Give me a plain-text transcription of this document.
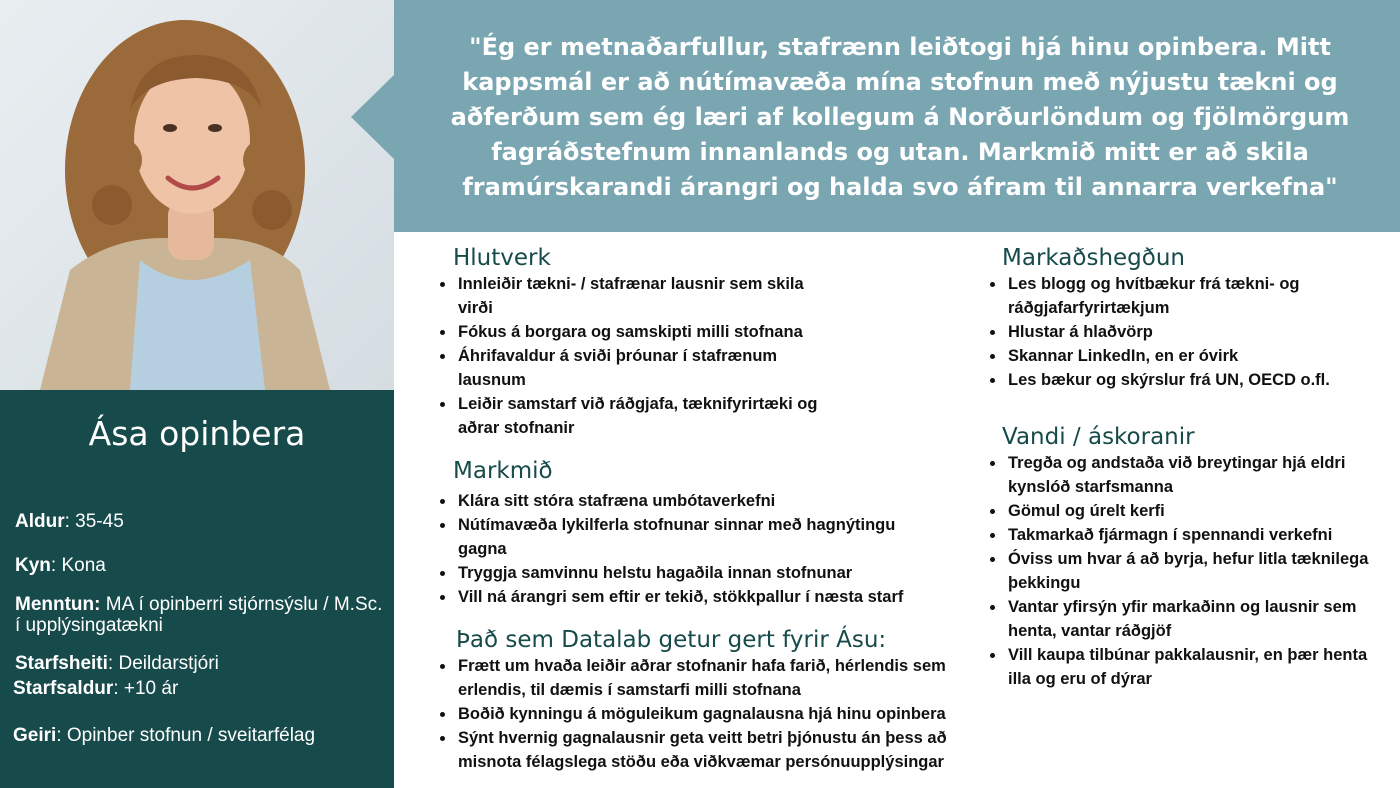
Ása opinbera
Aldur: 35-45
Kyn: Kona
Menntun: MA í opinberri stjórnsýslu / M.Sc. í upplýsingatækni
Starfsheiti: Deildarstjóri
Starfsaldur: +10 ár
Geiri: Opinber stofnun / sveitarfélag
"Ég er metnaðarfullur, stafrænn leiðtogi hjá hinu opinbera. Mitt kappsmál er að nútímavæða mína stofnun með nýjustu tækni og aðferðum sem ég læri af kollegum á Norðurlöndum og fjölmörgum fagráðstefnum innanlands og utan. Markmið mitt er að skila framúrskarandi árangri og halda svo áfram til annarra verkefna"
Hlutverk
• Innleiðir tækni- / stafrænar lausnir sem skila virði
• Fókus á borgara og samskipti milli stofnana
• Áhrifavaldur á sviði þróunar í stafrænum lausnum
• Leiðir samstarf við ráðgjafa, tæknifyrirtæki og aðrar stofnanir
Markmið
• Klára sitt stóra stafræna umbótaverkefni
• Nútímavæða lykilferla stofnunar sinnar með hagnýtingu gagna
• Tryggja samvinnu helstu hagaðila innan stofnunar
• Vill ná árangri sem eftir er tekið, stökkpallur í næsta starf
Það sem Datalab getur gert fyrir Ásu:
• Frætt um hvaða leiðir aðrar stofnanir hafa farið, hérlendis sem erlendis, til dæmis í samstarfi milli stofnana
• Boðið kynningu á möguleikum gagnalausna hjá hinu opinbera
• Sýnt hvernig gagnalausnir geta veitt betri þjónustu án þess að misnota félagslega stöðu eða viðkvæmar persónuupplýsingar
Markaðshegðun
• Les blogg og hvítbækur frá tækni- og ráðgjafarfyrirtækjum
• Hlustar á hlaðvörp
• Skannar LinkedIn, en er óvirk
• Les bækur og skýrslur frá UN, OECD o.fl.
Vandi / áskoranir
• Tregða og andstaða við breytingar hjá eldri kynslóð starfsmanna
• Gömul og úrelt kerfi
• Takmarkað fjármagn í spennandi verkefni
• Óviss um hvar á að byrja, hefur litla tæknilega þekkingu
• Vantar yfirsýn yfir markaðinn og lausnir sem henta, vantar ráðgjöf
• Vill kaupa tilbúnar pakkalausnir, en þær henta illa og eru of dýrar
